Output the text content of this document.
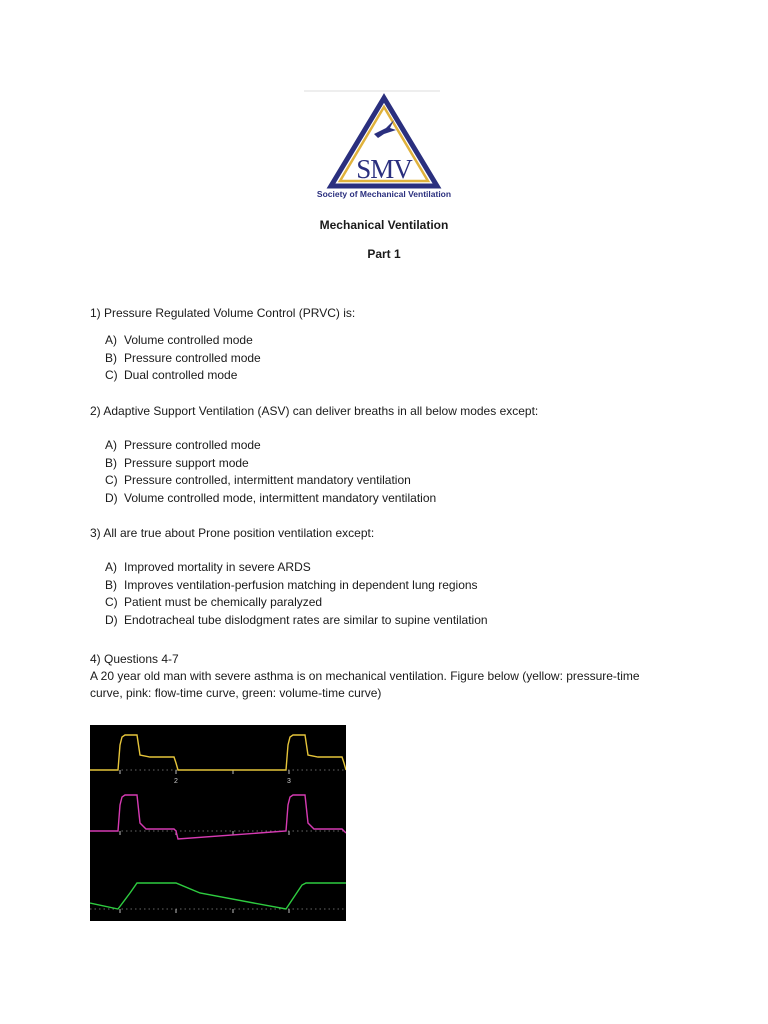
SMV
Society of Mechanical Ventilation
Mechanical Ventilation
Part 1
1) Pressure Regulated Volume Control (PRVC) is:
A) Volume controlled mode
B) Pressure controlled mode
C) Dual controlled mode
2) Adaptive Support Ventilation (ASV) can deliver breaths in all below modes except:
A) Pressure controlled mode
B) Pressure support mode
C) Pressure controlled, intermittent mandatory ventilation
D) Volume controlled mode, intermittent mandatory ventilation
3) All are true about Prone position ventilation except:
A) Improved mortality in severe ARDS
B) Improves ventilation-perfusion matching in dependent lung regions
C) Patient must be chemically paralyzed
D) Endotracheal tube dislodgment rates are similar to supine ventilation
4) Questions 4-7
A 20 year old man with severe asthma is on mechanical ventilation. Figure below (yellow: pressure-time
curve, pink: flow-time curve, green: volume-time curve)
2	3
